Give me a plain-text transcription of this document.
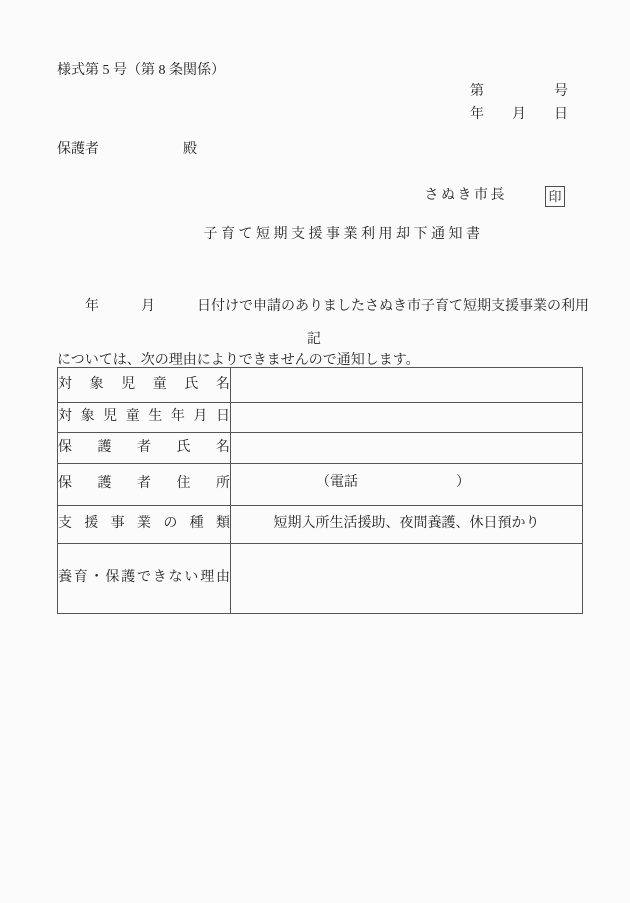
様式第 5 号（第 8 条関係）
第　　　　　号
年　　月　　日
保護者　　　　　　殿
さぬき市長	印
子育て短期支援事業利用却下通知書

　　年　　　月　　　日付けで申請のありましたさぬき市子育て短期支援事業の利用

については、次の理由によりできませんので通知します。

記
対象児童氏名	
対象児童生年月日	
保護者氏名	
保護者住所	（電話　　　　　　　）

支援事業の種類	短期入所生活援助、夜間養護、休日預かり
養育・保護できない理由	
